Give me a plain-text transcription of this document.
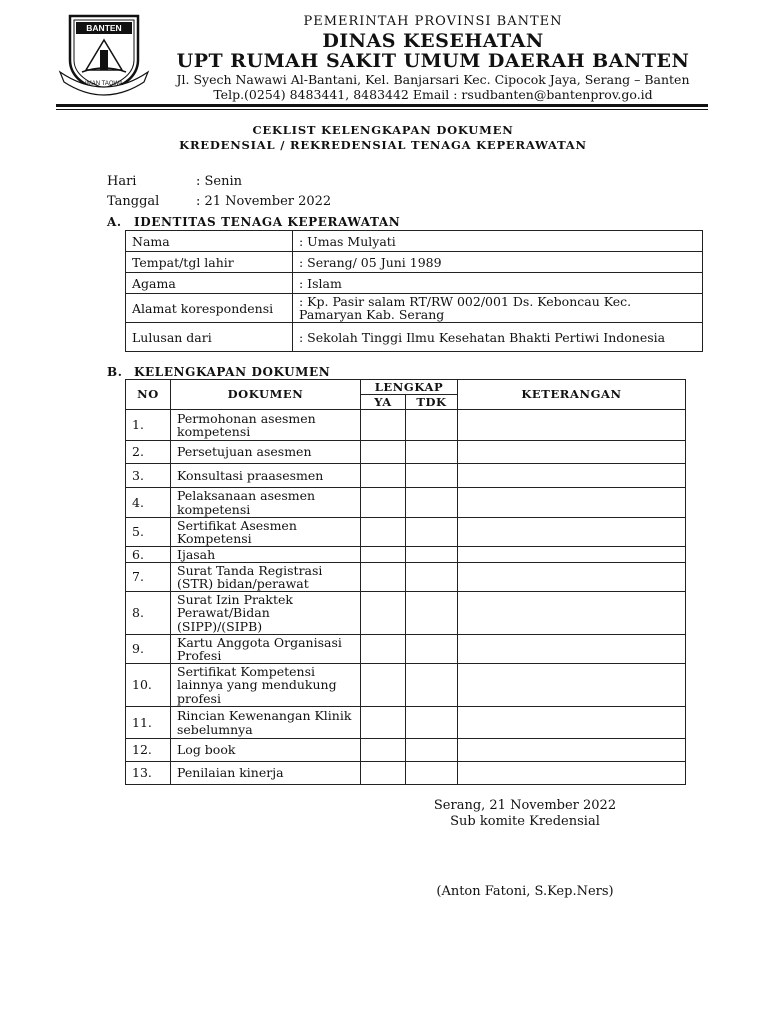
BANTEN
IMAN TAQWA
PEMERINTAH PROVINSI BANTEN
DINAS KESEHATAN
UPT RUMAH SAKIT UMUM DAERAH BANTEN
Jl. Syech Nawawi Al-Bantani, Kel. Banjarsari Kec. Cipocok Jaya, Serang – Banten
Telp.(0254) 8483441, 8483442 Email : rsudbanten@bantenprov.go.id
CEKLIST KELENGKAPAN DOKUMEN
KREDENSIAL / REKREDENSIAL TENAGA KEPERAWATAN
Hari	: Senin
Tanggal	: 21 November 2022
A. IDENTITAS TENAGA KEPERAWATAN
Nama	: Umas Mulyati
Tempat/tgl lahir	: Serang/ 05 Juni 1989
Agama	: Islam
Alamat korespondensi	: Kp. Pasir salam RT/RW 002/001 Ds. Keboncau Kec. Pamaryan Kab. Serang
Lulusan dari	: Sekolah Tinggi Ilmu Kesehatan Bhakti Pertiwi Indonesia
B. KELENGKAPAN DOKUMEN
NO	DOKUMEN	LENGKAP		KETERANGAN
		YA	TDK	
1.	Permohonan asesmen kompetensi			
2.	Persetujuan asesmen			
3.	Konsultasi praasesmen			
4.	Pelaksanaan asesmen kompetensi			
5.	Sertifikat Asesmen Kompetensi			
6.	Ijasah			
7.	Surat Tanda Registrasi (STR) bidan/perawat			
8.	Surat Izin Praktek Perawat/Bidan (SIPP)/(SIPB)			
9.	Kartu Anggota Organisasi Profesi			
10.	Sertifikat Kompetensi lainnya yang mendukung profesi			
11.	Rincian Kewenangan Klinik sebelumnya			
12.	Log book			
13.	Penilaian kinerja			
Serang, 21 November 2022
Sub komite Kredensial
(Anton Fatoni, S.Kep.Ners)
